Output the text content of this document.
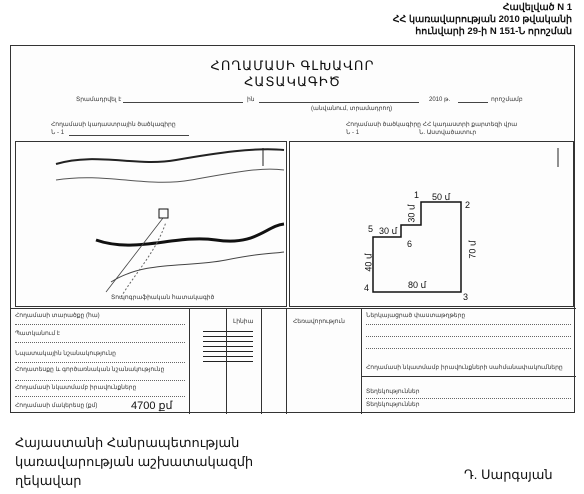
Հավելված N 1
ՀՀ կառավարության 2010 թվականի
հունվարի 29-ի N 151-Ն որոշման
ՀՈՂԱՄԱՍԻ ԳԼԽԱՎՈՐ
ՀԱՏԱԿԱԳԻԾ
Տրամադրվել է	ին
(անվանում, տրամադրող)
2010 թ.	որոշմամբ
Հողամասի կադաստրային ծածկագիրը
Ն - 1
Հողամասի ծածկագիրը ՀՀ կադաստրի քարտեզի վրա
Ն - 1	Ն. Աստվածատուր
Տոպոգրաֆիական հատակագիծ
1
2
3
4
5
6
50 մ
70 մ
80 մ
40 մ
30 մ
30 մ
Հողամասի տարածքը (հա)
Պատկանում է
Նպատակային նշանակությունը
Հողատեսքը և գործառնական նշանակությունը
Հողամասի նկատմամբ իրավունքները
Հողամասի մակերեսը (քմ)	4700 քմ
Լինիա	Հեռավորություն
Ներկայացրած փաստաթղթերը
Հողամասի նկատմամբ իրավունքների սահմանափակումները
Տեղեկություններ
Տեղեկություններ
Հայաստանի Հանրապետության
կառավարության աշխատակազմի
ղեկավար	Դ. Սարգսյան
